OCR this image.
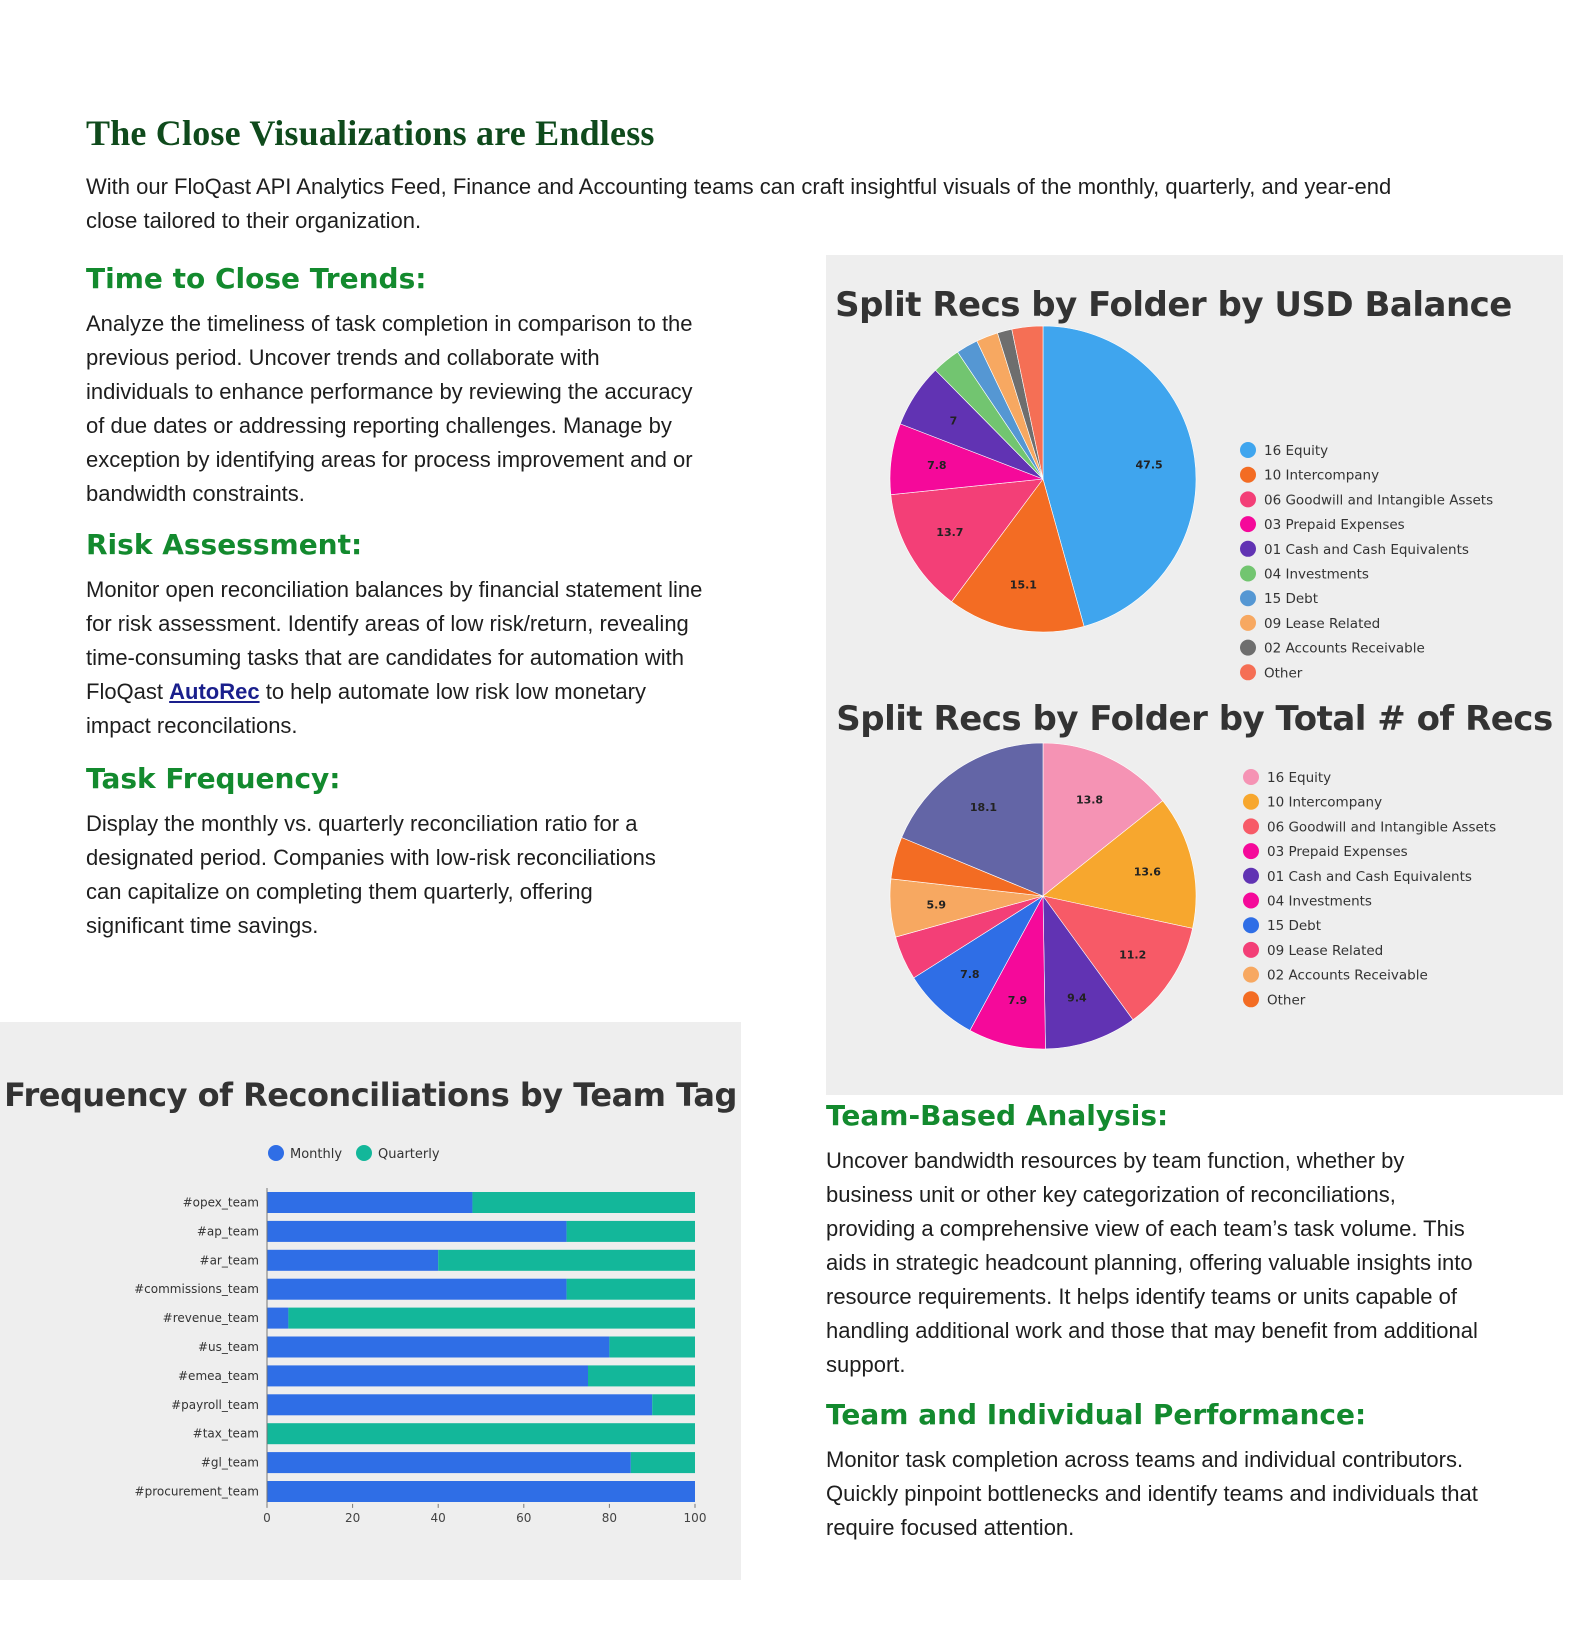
The Close Visualizations are Endless

With our FloQast API Analytics Feed, Finance and Accounting teams can craft insightful visuals of the monthly, quarterly, and year-end close tailored to their organization.

Time to Close Trends:

Analyze the timeliness of task completion in comparison to the previous period. Uncover trends and collaborate with individuals to enhance performance by reviewing the accuracy of due dates or addressing reporting challenges. Manage by exception by identifying areas for process improvement and or bandwidth constraints.

Risk Assessment:

Monitor open reconciliation balances by financial statement line for risk assessment. Identify areas of low risk/return, revealing time-consuming tasks that are candidates for automation with FloQast AutoRec to help automate low risk low monetary impact reconcilations.

Task Frequency:

Display the monthly vs. quarterly reconciliation ratio for a designated period. Companies with low-risk reconciliations can capitalize on completing them quarterly, offering significant time savings.

Team-Based Analysis:

Uncover bandwidth resources by team function, whether by business unit or other key categorization of reconciliations, providing a comprehensive view of each team’s task volume. This aids in strategic headcount planning, offering valuable insights into resource requirements. It helps identify teams or units capable of handling additional work and those that may benefit from additional support.

Team and Individual Performance:

Monitor task completion across teams and individual contributors. Quickly pinpoint bottlenecks and identify teams and individuals that require focused attention.

Split Recs by Folder by USD Balance
47.5
15.1
13.7
7.8
7
16 Equity
10 Intercompany
06 Goodwill and Intangible Assets
03 Prepaid Expenses
01 Cash and Cash Equivalents
04 Investments
15 Debt
09 Lease Related
02 Accounts Receivable
Other
Split Recs by Folder by Total # of Recs
13.8
13.6
11.2
9.4
7.9
7.8
5.9
18.1
16 Equity
10 Intercompany
06 Goodwill and Intangible Assets
03 Prepaid Expenses
01 Cash and Cash Equivalents
04 Investments
15 Debt
09 Lease Related
02 Accounts Receivable
Other
Frequency of Reconciliations by Team Tag
Monthly	Quarterly
#opex_team
#ap_team
#ar_team
#commissions_team
#revenue_team
#us_team
#emea_team
#payroll_team
#tax_team
#gl_team
#procurement_team
0	20	40	60	80	100
